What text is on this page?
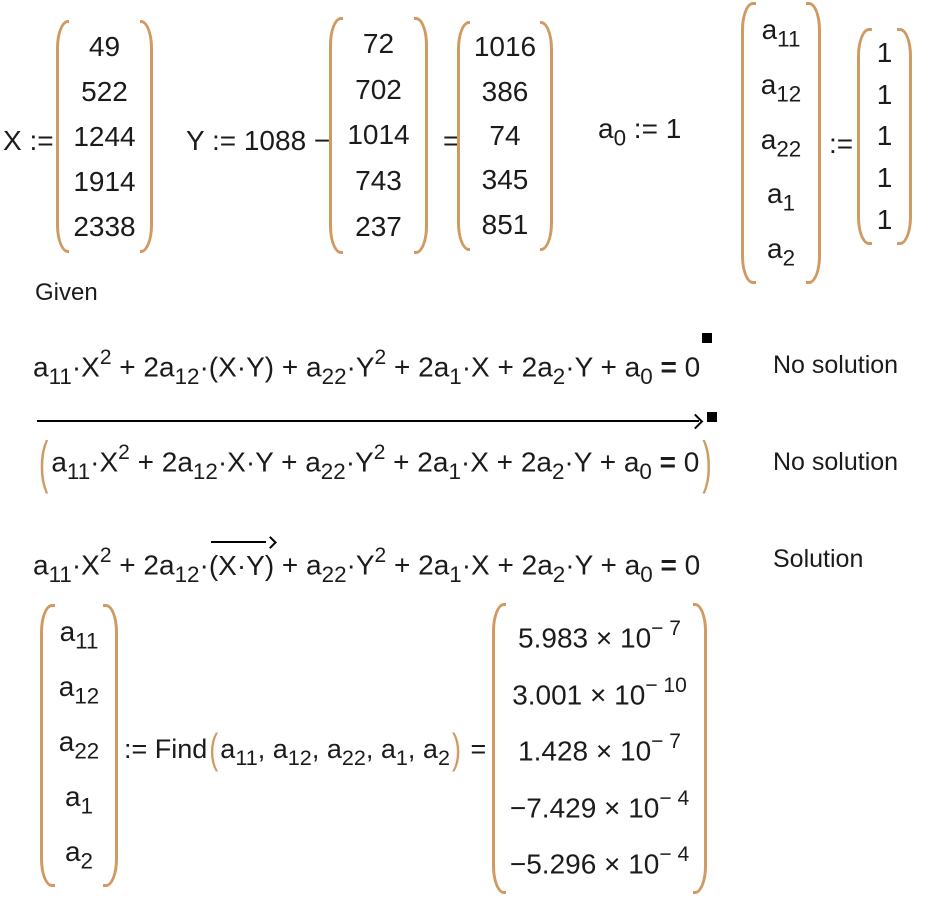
X :=
49
522
1244
1914
2338
Y := 1088 −
72
702
1014
743
237
=
1016
386
74
345
851
$a_0$ := 1
$a_{11}$
$a_{12}$
$a_{22}$
$a_1$
$a_2$
:=
1
1
1
1
1
Given
$a_{11}\cdot X^2 + 2a_{12}\cdot(X\cdot Y) + a_{22}\cdot Y^2 + 2a_1\cdot X + 2a_2\cdot Y + a_0 = 0$	No solution
( $a_{11}\cdot X^2 + 2a_{12}\cdot X\cdot Y + a_{22}\cdot Y^2 + 2a_1\cdot X + 2a_2\cdot Y + a_0 = 0$ ) No solution
$a_{11}\cdot X^2 + 2a_{12}\cdot(X\cdot Y) + a_{22}\cdot Y^2 + 2a_1\cdot X + 2a_2\cdot Y + a_0 = 0$	Solution
$a_{11}$
$a_{12}$
$a_{22}$
$a_1$
$a_2$
:= $Find(a_{11}$, $a_{12}$, $a_{22}$, $a_1$, $a_2$) =
$5.983 \times 10^{- 7}$
$3.001 \times 10^{- 10}$
$1.428 \times 10^{- 7}$
$-7.429 \times 10^{- 4}$
$-5.296 \times 10^{- 4}$
